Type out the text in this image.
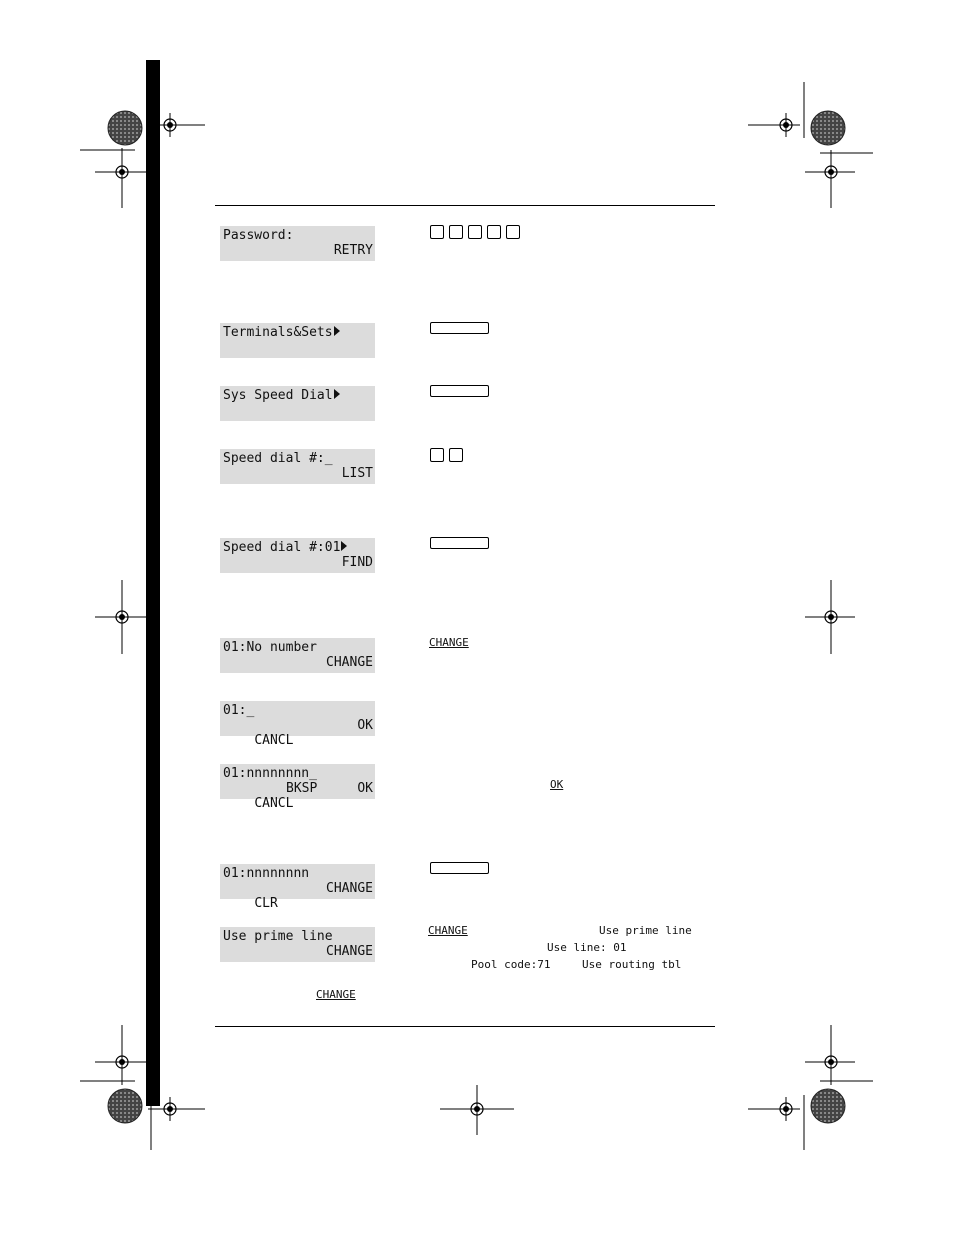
Password:
RETRY
Terminals&Sets
Sys Speed Dial
Speed dial #:_
LIST
Speed dial #:01
FIND
01:No number
CHANGE
01:_

CANCL

OK

01:nnnnnnnn_

CANCL

BKSP

	OK

01:nnnnnnnn

CLR

CHANGE

Use prime line
CHANGE
CHANGE
OK
CHANGE
CHANGE
Use prime line
Use line: 01
Pool code:71	Use routing tbl
